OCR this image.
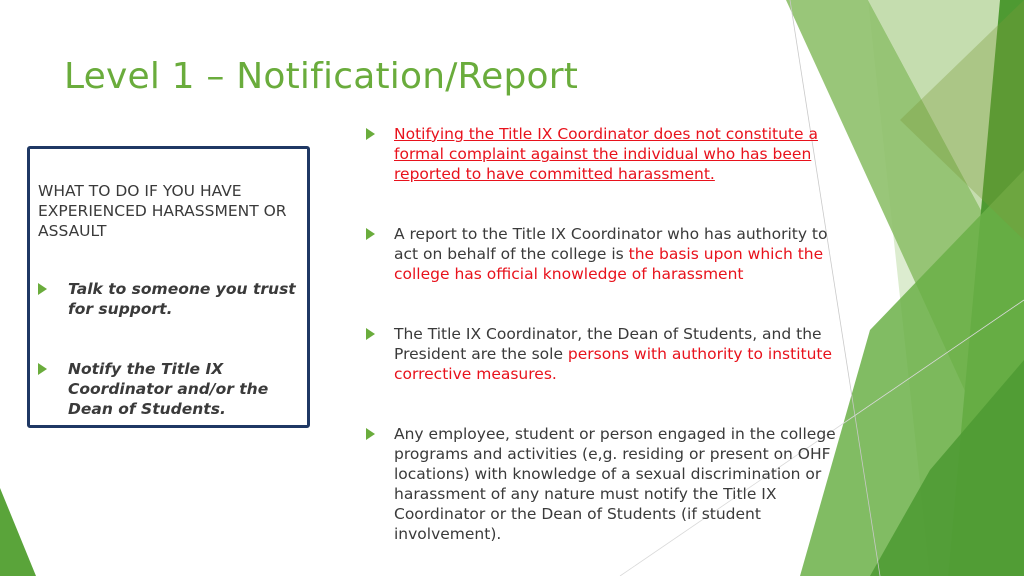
Level 1 – Notification/Report
WHAT TO DO IF YOU HAVE EXPERIENCED HARASSMENT OR ASSAULT
Talk to someone you trust for support.
Notify the Title IX Coordinator and/or the Dean of Students.
Notifying the Title IX Coordinator does not constitute a formal complaint against the individual who has been reported to have committed harassment.
A report to the Title IX Coordinator who has authority to act on behalf of the college is the basis upon which the college has official knowledge of harassment
The Title IX Coordinator, the Dean of Students, and the President are the sole persons with authority to institute corrective measures.
Any employee, student or person engaged in the college programs and activities (e,g. residing or present on OHF locations) with knowledge of a sexual discrimination or harassment of any nature must notify the Title IX Coordinator or the Dean of Students (if student involvement).
